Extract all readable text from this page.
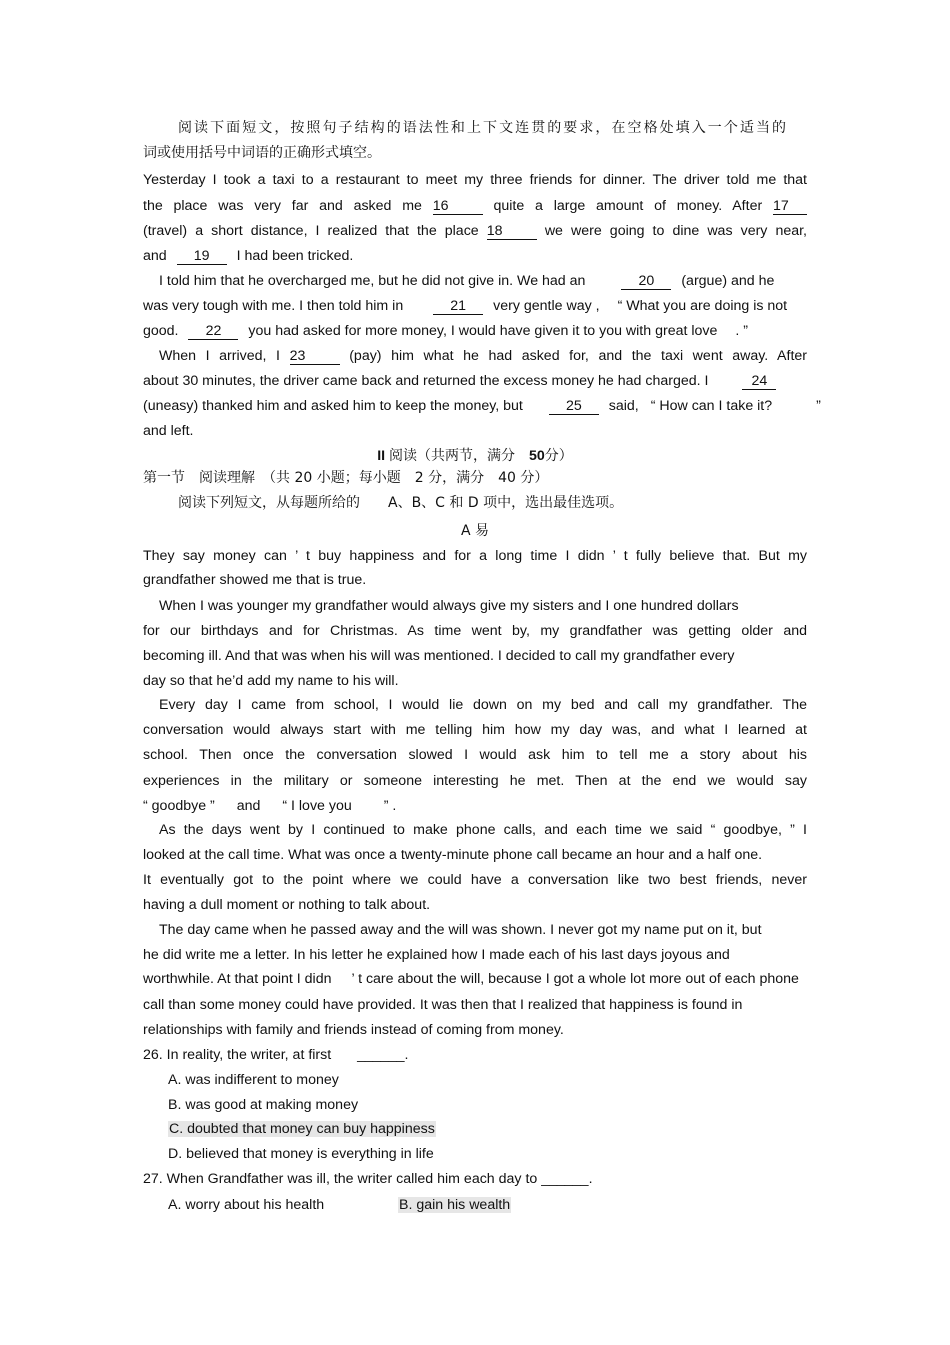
阅读下面短文，按照句子结构的语法性和上下文连贯的要求，在空格处填入一个适当的
词或使用括号中词语的正确形式填空。
Yesterday I took a taxi to a restaurant to meet my three friends for dinner. The driver told me that
the place was very far and asked me 16	quite a large amount of money. After 17
(travel) a short distance, I realized that the place 18	we were going to dine was very near,
and 19 I had been tricked.
I told him that he overcharged me, but he did not give in. We had an	20 (argue) and he
was very tough with me. I then told him in	21 very gentle way , “ What you are doing is not
good. 22 you had asked for more money, I would have given it to you with great love . ”
When I arrived, I 23	(pay) him what he had asked for, and the taxi went away. After
about 30 minutes, the driver came back and returned the excess money he had charged. I	24
(uneasy) thanked him and asked him to keep the money, but	25 said, “ How can I take it?	”
and left.
II 阅读（共两节，满分 50分）
第一节　阅读理解　（共 20 小题；每小题　2 分，满分　40 分）
阅读下列短文，从每题所给的　　A、B、C 和 D 项中，选出最佳选项。
A 易
They say money can ’ t buy happiness and for a long time I didn ’ t fully believe that. But my
grandfather showed me that is true.
When I was younger my grandfather would always give my sisters and I one hundred dollars
for our birthdays and for Christmas. As time went by, my grandfather was getting older and
becoming ill. And that was when his will was mentioned. I decided to call my grandfather every
day so that he’d add my name to his will.
Every day I came from school, I would lie down on my bed and call my grandfather. The
conversation would always start with me telling him how my day was, and what I learned at
school. Then once the conversation slowed I would ask him to tell me a story about his
experiences in the military or someone interesting he met. Then at the end we would say
“ goodbye ” and “ I love you ” .
As the days went by I continued to make phone calls, and each time we said “ goodbye, ” I
looked at the call time. What was once a twenty-minute phone call became an hour and a half one.
It eventually got to the point where we could have a conversation like two best friends, never
having a dull moment or nothing to talk about.
The day came when he passed away and the will was shown. I never got my name put on it, but
he did write me a letter. In his letter he explained how I made each of his last days joyous and
worthwhile. At that point I didn ’ t care about the will, because I got a whole lot more out of each phone
call than some money could have provided. It was then that I realized that happiness is found in
relationships with family and friends instead of coming from money.
26. In reality, the writer, at first ______.
A. was indifferent to money
B. was good at making money
C. doubted that money can buy happiness
D. believed that money is everything in life
27. When Grandfather was ill, the writer called him each day to ______.
A. worry about his health	B. gain his wealth
